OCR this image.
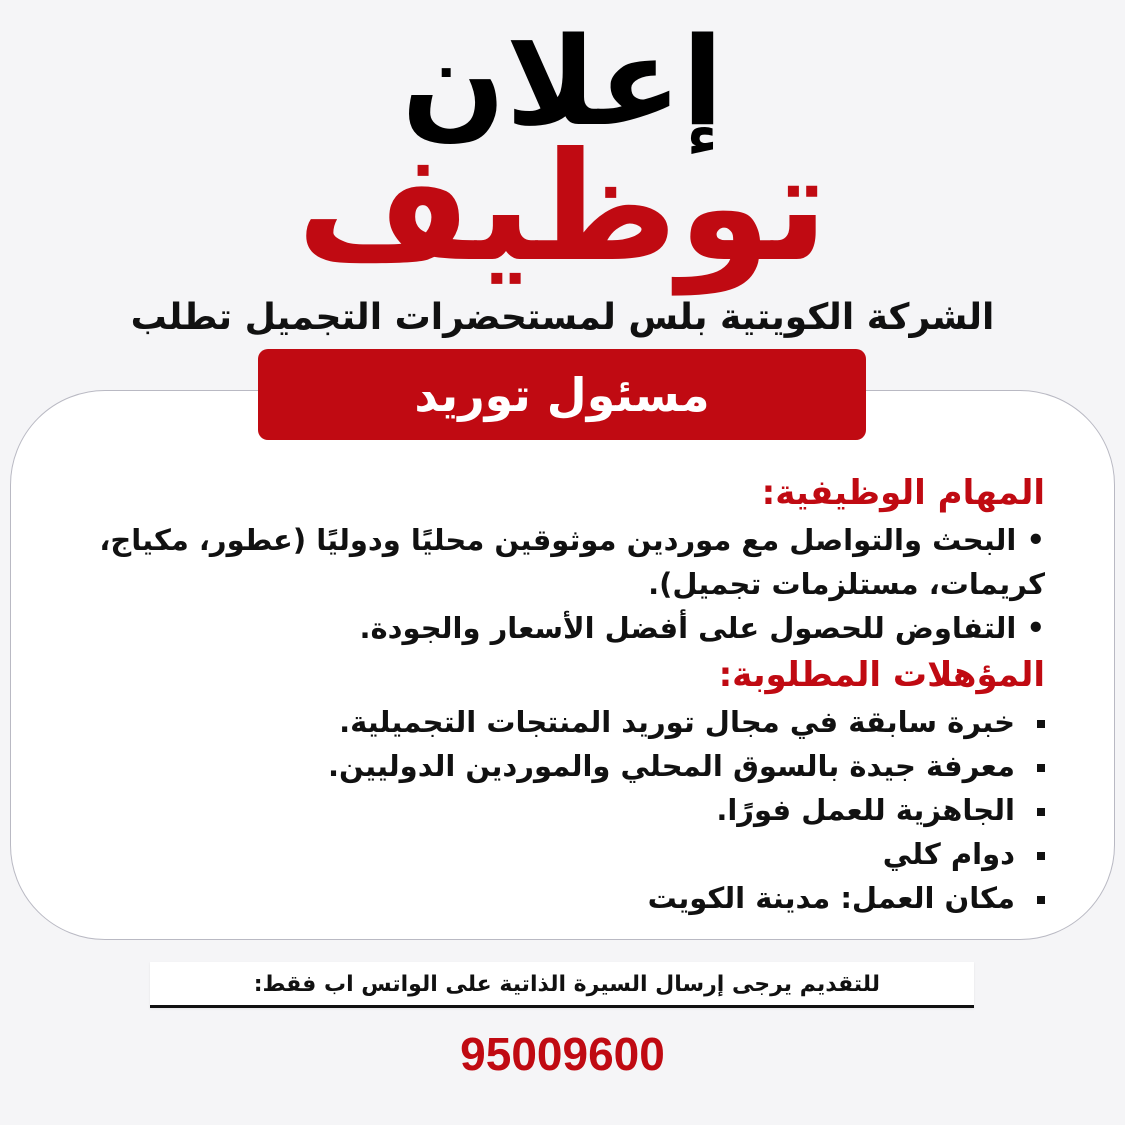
إعلان
توظيف
الشركة الكويتية بلس لمستحضرات التجميل تطلب
مسئول توريد
المهام الوظيفية:

• البحث والتواصل مع موردين موثوقين محليًا ودوليًا (عطور، مكياج،

كريمات، مستلزمات تجميل).

• التفاوض للحصول على أفضل الأسعار والجودة.

المؤهلات المطلوبة:
خبرة سابقة في مجال توريد المنتجات التجميلية.
معرفة جيدة بالسوق المحلي والموردين الدوليين.
الجاهزية للعمل فورًا.
دوام كلي
مكان العمل: مدينة الكويت
للتقديم يرجى إرسال السيرة الذاتية على الواتس اب فقط:
95009600
